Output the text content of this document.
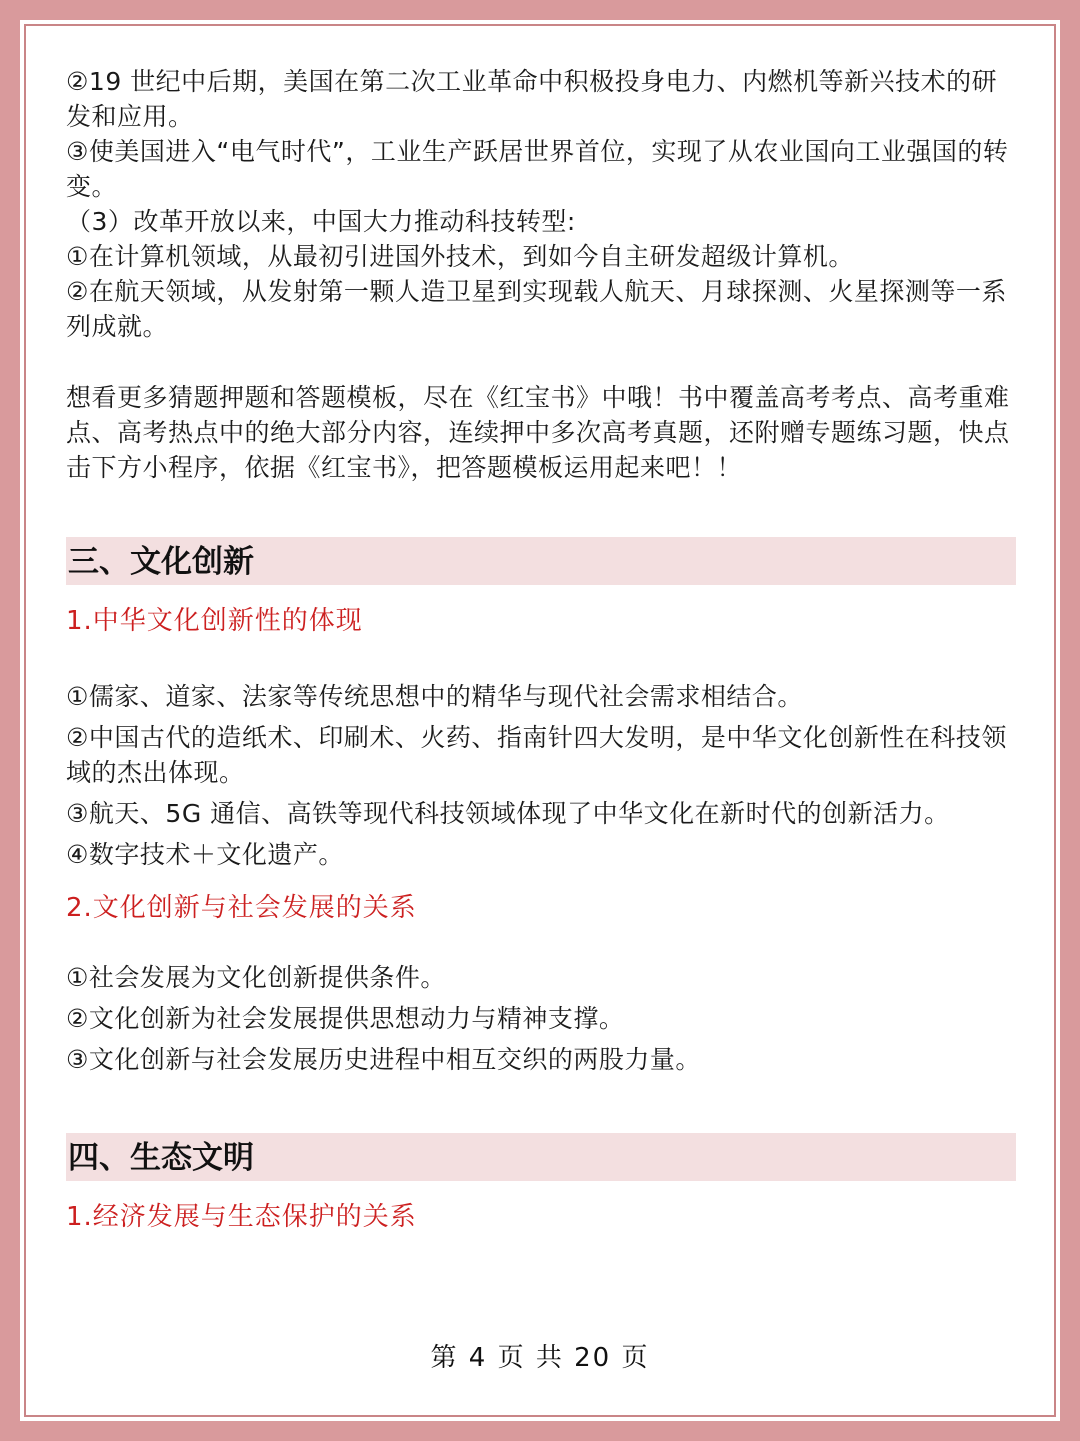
②19 世纪中后期，美国在第二次工业革命中积极投身电力、内燃机等新兴技术的研发和应用。

③使美国进入“电气时代”，工业生产跃居世界首位，实现了从农业国向工业强国的转变。

（3）改革开放以来，中国大力推动科技转型:

①在计算机领域，从最初引进国外技术，到如今自主研发超级计算机。

②在航天领域，从发射第一颗人造卫星到实现载人航天、月球探测、火星探测等一系列成就。

想看更多猜题押题和答题模板，尽在《红宝书》中哦！书中覆盖高考考点、高考重难点、高考热点中的绝大部分内容，连续押中多次高考真题，还附赠专题练习题，快点击下方小程序，依据《红宝书》，把答题模板运用起来吧！！

三、文化创新

1.中华文化创新性的体现

①儒家、道家、法家等传统思想中的精华与现代社会需求相结合。

②中国古代的造纸术、印刷术、火药、指南针四大发明，是中华文化创新性在科技领域的杰出体现。

③航天、5G 通信、高铁等现代科技领域体现了中华文化在新时代的创新活力。

④数字技术＋文化遗产。

2.文化创新与社会发展的关系

①社会发展为文化创新提供条件。

②文化创新为社会发展提供思想动力与精神支撑。

③文化创新与社会发展历史进程中相互交织的两股力量。

四、生态文明

1.经济发展与生态保护的关系

第 4 页 共 20 页
